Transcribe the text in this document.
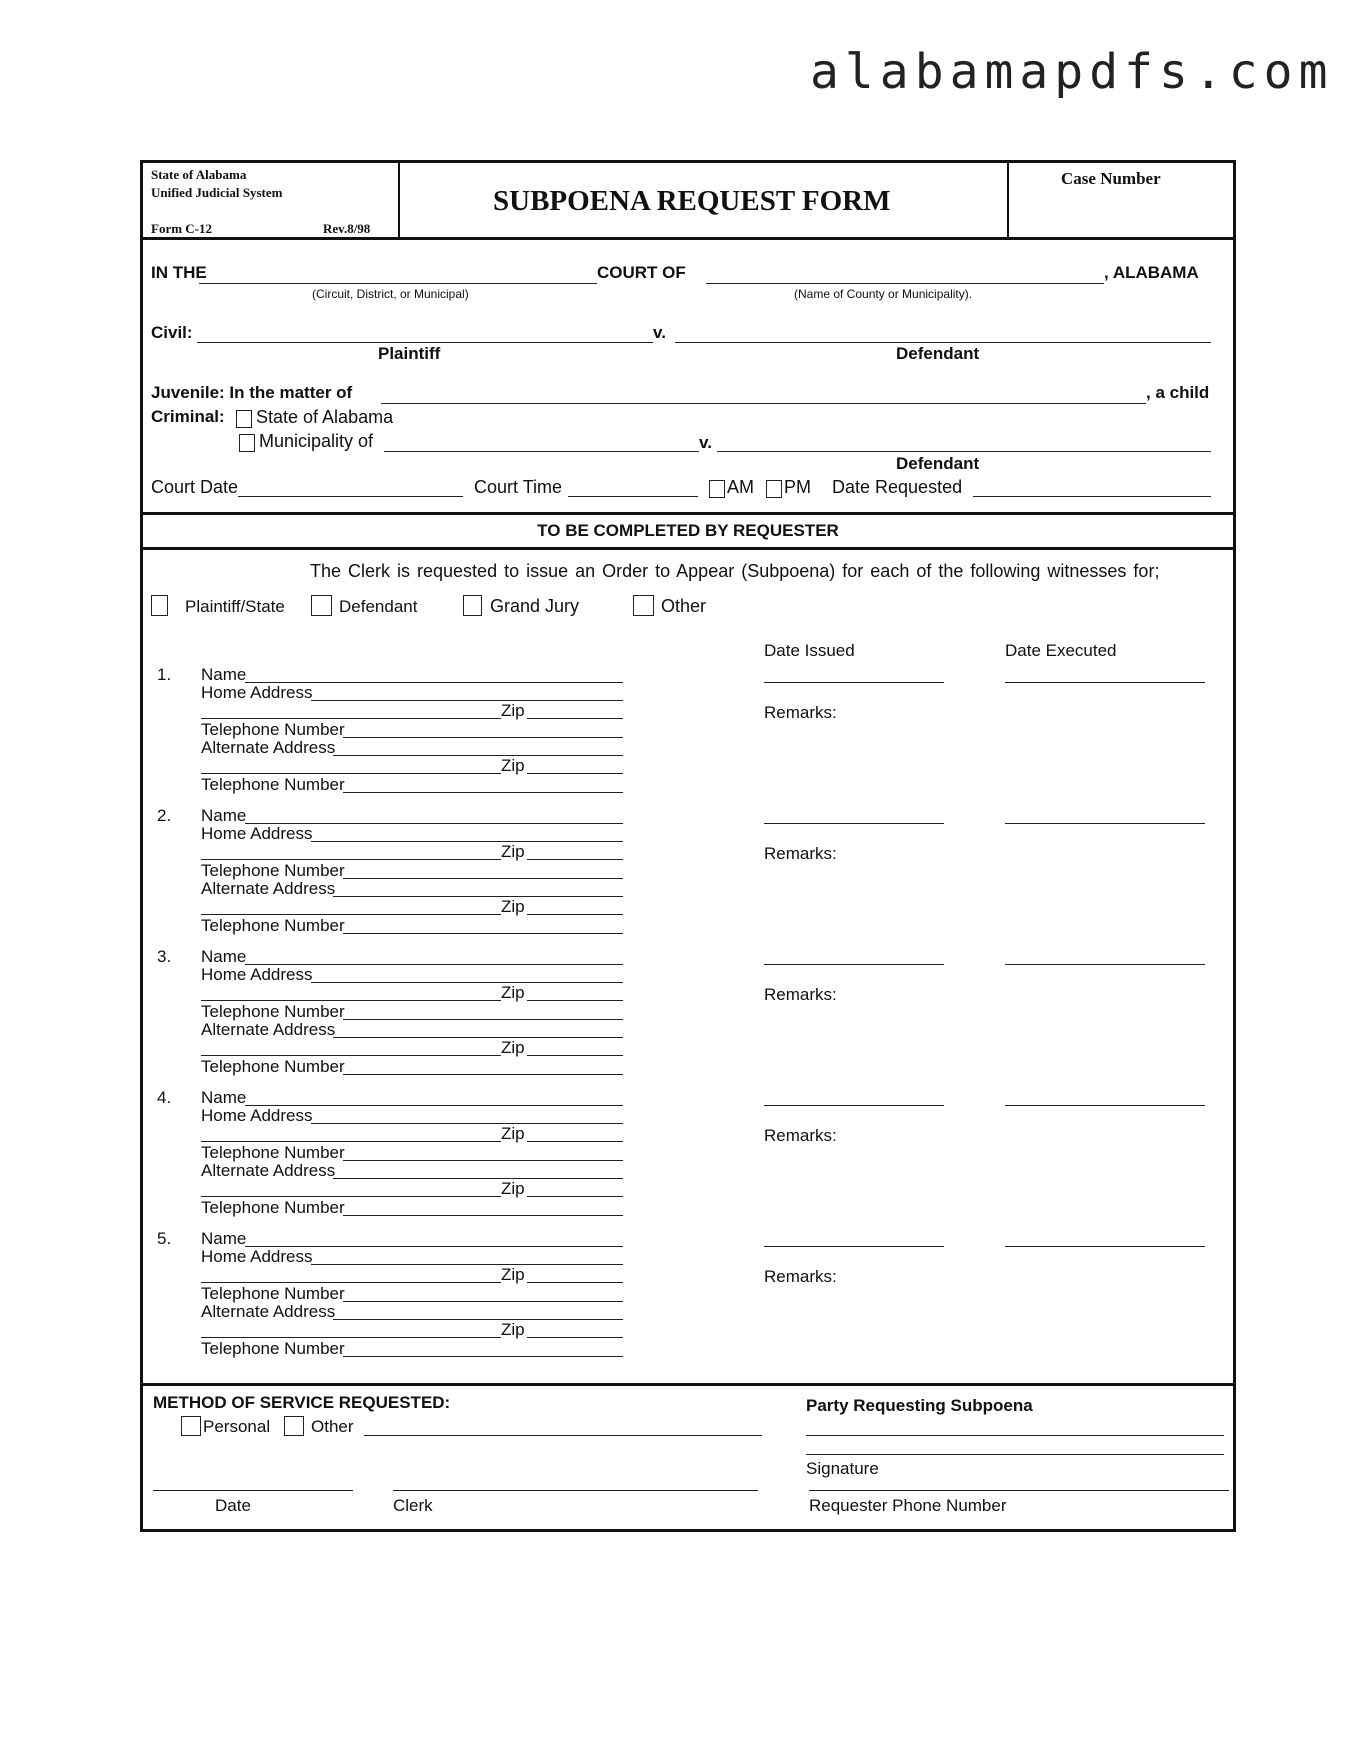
alabamapdfs.com
State of Alabama
Unified Judicial System
Form C-12	Rev.8/98
SUBPOENA REQUEST FORM
Case Number
IN THE	COURT OF	, ALABAMA
(Circuit, District, or Municipal)	(Name of County or Municipality).
Civil:	v.
Plaintiff	Defendant
Juvenile: In the matter of	, a child
Criminal: State of Alabama
Municipality of	v.
Defendant
Court Date	Court Time	AM PM Date Requested
TO BE COMPLETED BY REQUESTER
The Clerk is requested to issue an Order to Appear (Subpoena) for each of the following witnesses for;
Plaintiff/State	Defendant	Grand Jury	Other
Date Issued	Date Executed
1. Name
Home Address
Zip
Telephone Number
Alternate Address
Zip
Telephone Number
Remarks:
2. Name
Home Address
Zip
Telephone Number
Alternate Address
Zip
Telephone Number
Remarks:
3. Name
Home Address
Zip
Telephone Number
Alternate Address
Zip
Telephone Number
Remarks:
4. Name
Home Address
Zip
Telephone Number
Alternate Address
Zip
Telephone Number
Remarks:
5. Name
Home Address
Zip
Telephone Number
Alternate Address
Zip
Telephone Number
Remarks:
METHOD OF SERVICE REQUESTED:
Personal Other
Party Requesting Subpoena
Signature
Date	Clerk	Requester Phone Number
